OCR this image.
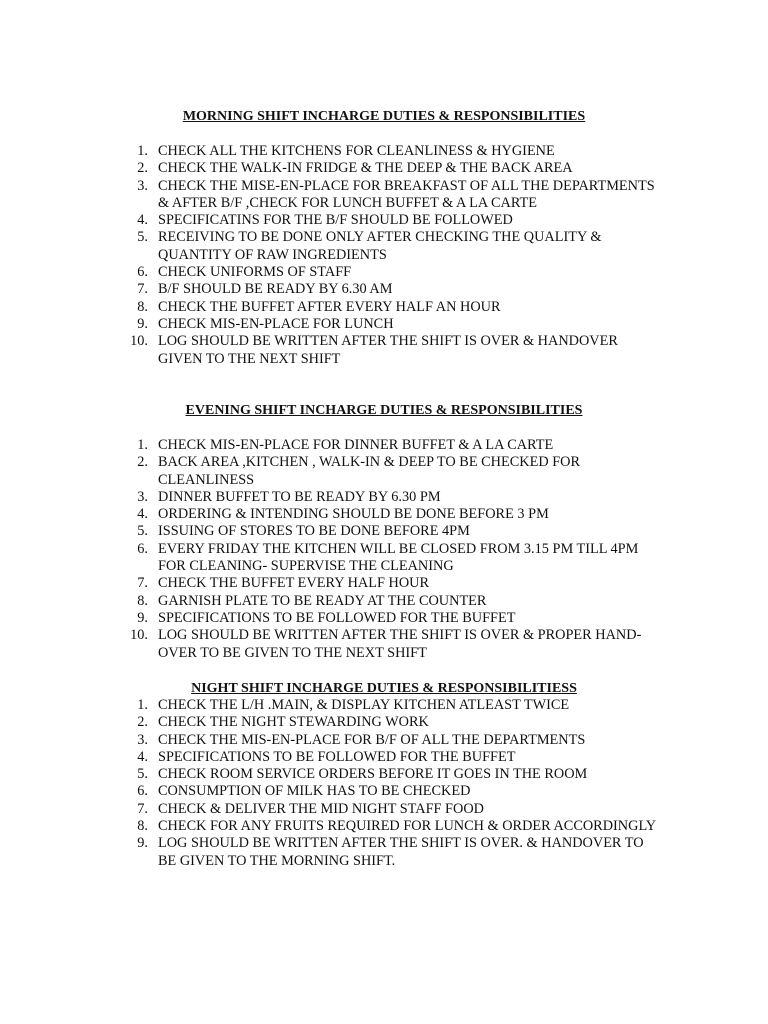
MORNING SHIFT INCHARGE DUTIES & RESPONSIBILITIES
1. CHECK ALL THE KITCHENS FOR CLEANLINESS & HYGIENE
2. CHECK THE WALK-IN FRIDGE & THE DEEP & THE BACK AREA
3. CHECK THE MISE-EN-PLACE FOR BREAKFAST OF ALL THE DEPARTMENTS & AFTER B/F ,CHECK FOR LUNCH BUFFET & A LA CARTE
4. SPECIFICATINS FOR THE B/F SHOULD BE FOLLOWED
5. RECEIVING TO BE DONE ONLY AFTER CHECKING THE QUALITY & QUANTITY OF RAW INGREDIENTS
6. CHECK UNIFORMS OF STAFF
7. B/F SHOULD BE READY BY 6.30 AM
8. CHECK THE BUFFET AFTER EVERY HALF AN HOUR
9. CHECK MIS-EN-PLACE FOR LUNCH
10. LOG SHOULD BE WRITTEN AFTER THE SHIFT IS OVER & HANDOVER GIVEN TO THE NEXT SHIFT
EVENING SHIFT INCHARGE DUTIES & RESPONSIBILITIES
1. CHECK MIS-EN-PLACE FOR DINNER BUFFET & A LA CARTE
2. BACK AREA ,KITCHEN , WALK-IN & DEEP TO BE CHECKED FOR CLEANLINESS
3. DINNER BUFFET TO BE READY BY 6.30 PM
4. ORDERING & INTENDING SHOULD BE DONE BEFORE 3 PM
5. ISSUING OF STORES TO BE DONE BEFORE 4PM
6. EVERY FRIDAY THE KITCHEN WILL BE CLOSED FROM 3.15 PM TILL 4PM FOR CLEANING- SUPERVISE THE CLEANING
7. CHECK THE BUFFET EVERY HALF HOUR
8. GARNISH PLATE TO BE READY AT THE COUNTER
9. SPECIFICATIONS TO BE FOLLOWED FOR THE BUFFET
10. LOG SHOULD BE WRITTEN AFTER THE SHIFT IS OVER & PROPER HAND-OVER TO BE GIVEN TO THE NEXT SHIFT
NIGHT SHIFT INCHARGE DUTIES & RESPONSIBILITIESS
1. CHECK THE L/H .MAIN, & DISPLAY KITCHEN ATLEAST TWICE
2. CHECK THE NIGHT STEWARDING WORK
3. CHECK THE MIS-EN-PLACE FOR B/F OF ALL THE DEPARTMENTS
4. SPECIFICATIONS TO BE FOLLOWED FOR THE BUFFET
5. CHECK ROOM SERVICE ORDERS BEFORE IT GOES IN THE ROOM
6. CONSUMPTION OF MILK HAS TO BE CHECKED
7. CHECK & DELIVER THE MID NIGHT STAFF FOOD
8. CHECK FOR ANY FRUITS REQUIRED FOR LUNCH & ORDER ACCORDINGLY
9. LOG SHOULD BE WRITTEN AFTER THE SHIFT IS OVER. & HANDOVER TO BE GIVEN TO THE MORNING SHIFT.
